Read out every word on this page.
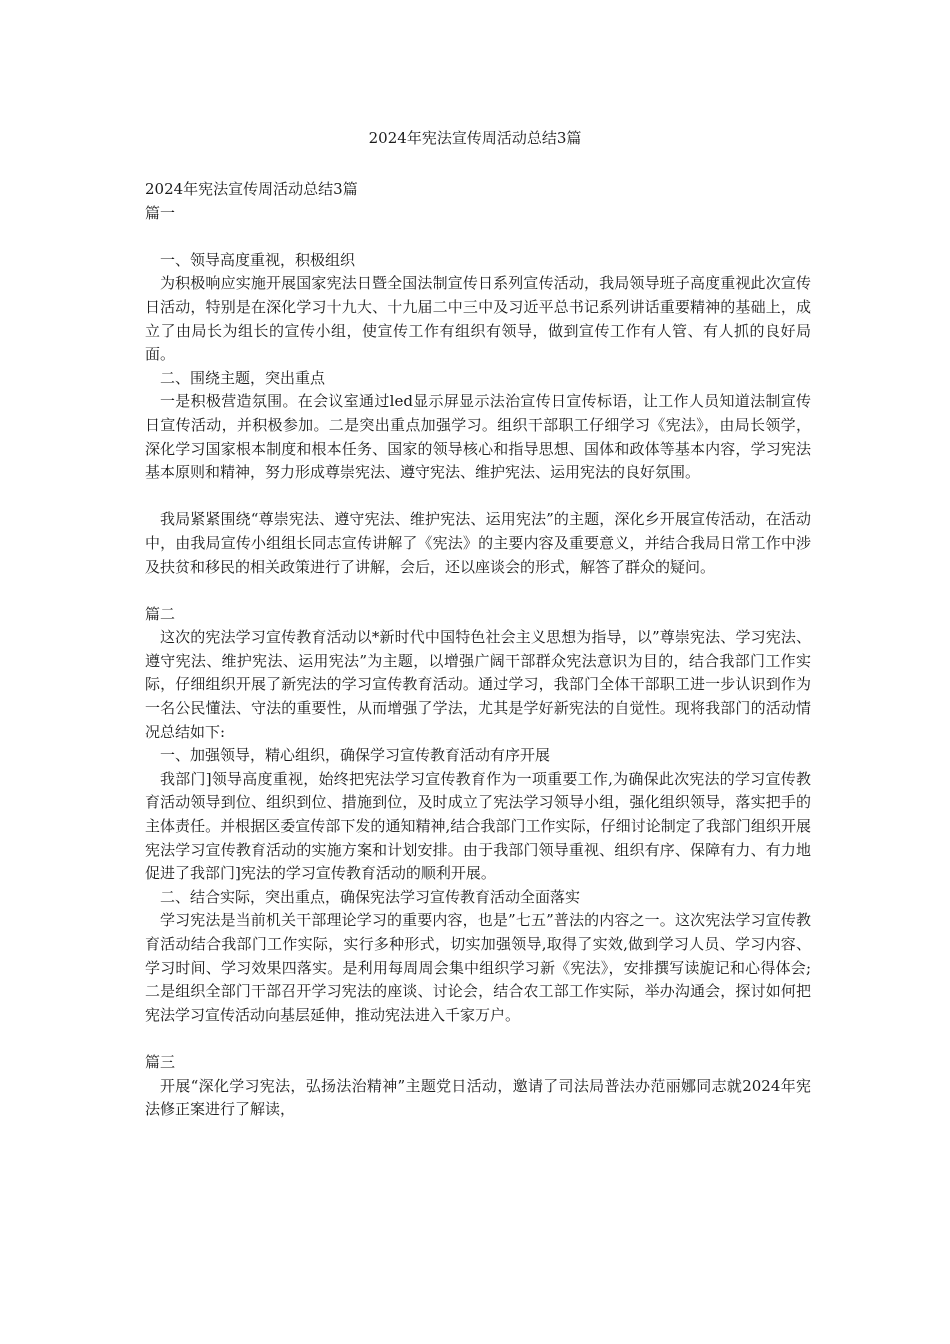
2024年宪法宣传周活动总结3篇
2024年宪法宣传周活动总结3篇
篇一
一、领导高度重视，积极组织

为积极响应实施开展国家宪法日暨全国法制宣传日系列宣传活动，我局领导班子高度重视此次宣传日活动，特别是在深化学习十九大、十九届二中三中及习近平总书记系列讲话重要精神的基础上，成立了由局长为组长的宣传小组，使宣传工作有组织有领导，做到宣传工作有人管、有人抓的良好局面。

二、围绕主题，突出重点

一是积极营造氛围。在会议室通过led显示屏显示法治宣传日宣传标语，让工作人员知道法制宣传日宣传活动，并积极参加。二是突出重点加强学习。组织干部职工仔细学习《宪法》，由局长领学，深化学习国家根本制度和根本任务、国家的领导核心和指导思想、国体和政体等基本内容，学习宪法基本原则和精神，努力形成尊崇宪法、遵守宪法、维护宪法、运用宪法的良好氛围。

我局紧紧围绕“尊崇宪法、遵守宪法、维护宪法、运用宪法”的主题，深化乡开展宣传活动，在活动中，由我局宣传小组组长同志宣传讲解了《宪法》的主要内容及重要意义，并结合我局日常工作中涉及扶贫和移民的相关政策进行了讲解，会后，还以座谈会的形式，解答了群众的疑问。

篇二

这次的宪法学习宣传教育活动以*新时代中国特色社会主义思想为指导，以”尊崇宪法、学习宪法、遵守宪法、维护宪法、运用宪法”为主题，以增强广阔干部群众宪法意识为目的，结合我部门工作实际，仔细组织开展了新宪法的学习宣传教育活动。通过学习，我部门全体干部职工进一步认识到作为一名公民懂法、守法的重要性，从而增强了学法，尤其是学好新宪法的自觉性。现将我部门的活动情况总结如下:

一、加强领导，精心组织，确保学习宣传教育活动有序开展

我部门]领导高度重视，始终把宪法学习宣传教育作为一项重要工作,为确保此次宪法的学习宣传教育活动领导到位、组织到位、措施到位，及时成立了宪法学习领导小组，强化组织领导，落实把手的主体责任。并根据区委宣传部下发的通知精神,结合我部门工作实际，仔细讨论制定了我部门组织开展宪法学习宣传教育活动的实施方案和计划安排。由于我部门领导重视、组织有序、保障有力、有力地促进了我部门]宪法的学习宣传教育活动的顺利开展。

二、结合实际，突出重点，确保宪法学习宣传教育活动全面落实

学习宪法是当前机关干部理论学习的重要内容，也是”七五”普法的内容之一。这次宪法学习宣传教育活动结合我部门工作实际，实行多种形式，切实加强领导,取得了实效,做到学习人员、学习内容、学习时间、学习效果四落实。是利用每周周会集中组织学习新《宪法》，安排撰写读旎记和心得体会;二是组织全部门干部召开学习宪法的座谈、讨论会，结合农工部工作实际，举办沟通会，探讨如何把宪法学习宣传活动向基层延伸，推动宪法进入千家万户。

篇三

开展“深化学习宪法，弘扬法治精神”主题党日活动，邀请了司法局普法办范丽娜同志就2024年宪法修正案进行了解读，
